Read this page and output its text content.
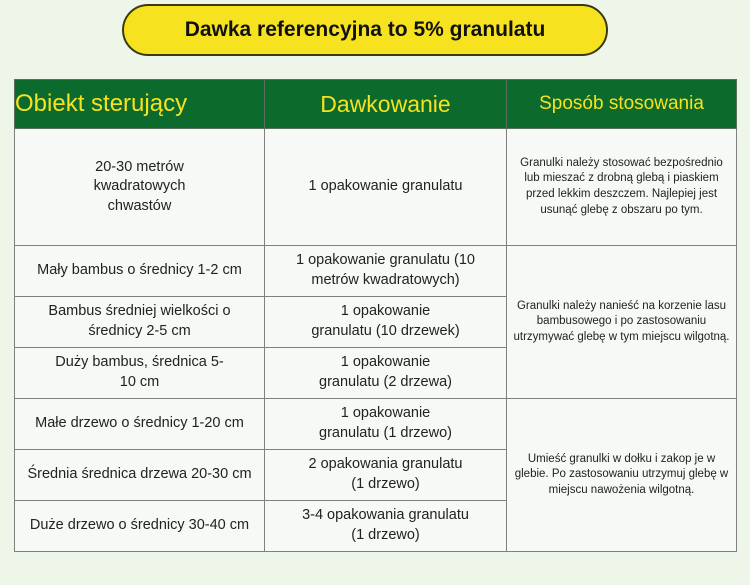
Dawka referencyjna to 5% granulatu
Obiekt sterujący	Dawkowanie	Sposób stosowania
20-30 metrów kwadratowych chwastów	1 opakowanie granulatu	Granulki należy stosować bezpośrednio lub mieszać z drobną glebą i piaskiem przed lekkim deszczem. Najlepiej jest usunąć glebę z obszaru po tym.
Mały bambus o średnicy 1-2 cm	1 opakowanie granulatu (10 metrów kwadratowych)	Granulki należy nanieść na korzenie lasu bambusowego i po zastosowaniu utrzymywać glebę w tym miejscu wilgotną.
Bambus średniej wielkości o średnicy 2-5 cm	1 opakowanie granulatu (10 drzewek)	
Duży bambus, średnica 5-10 cm	1 opakowanie granulatu (2 drzewa)	
Małe drzewo o średnicy 1-20 cm	1 opakowanie granulatu (1 drzewo)	Umieść granulki w dołku i zakop je w glebie. Po zastosowaniu utrzymuj glebę w miejscu nawożenia wilgotną.
Średnia średnica drzewa 20-30 cm	2 opakowania granulatu (1 drzewo)	
Duże drzewo o średnicy 30-40 cm	3-4 opakowania granulatu (1 drzewo)	
